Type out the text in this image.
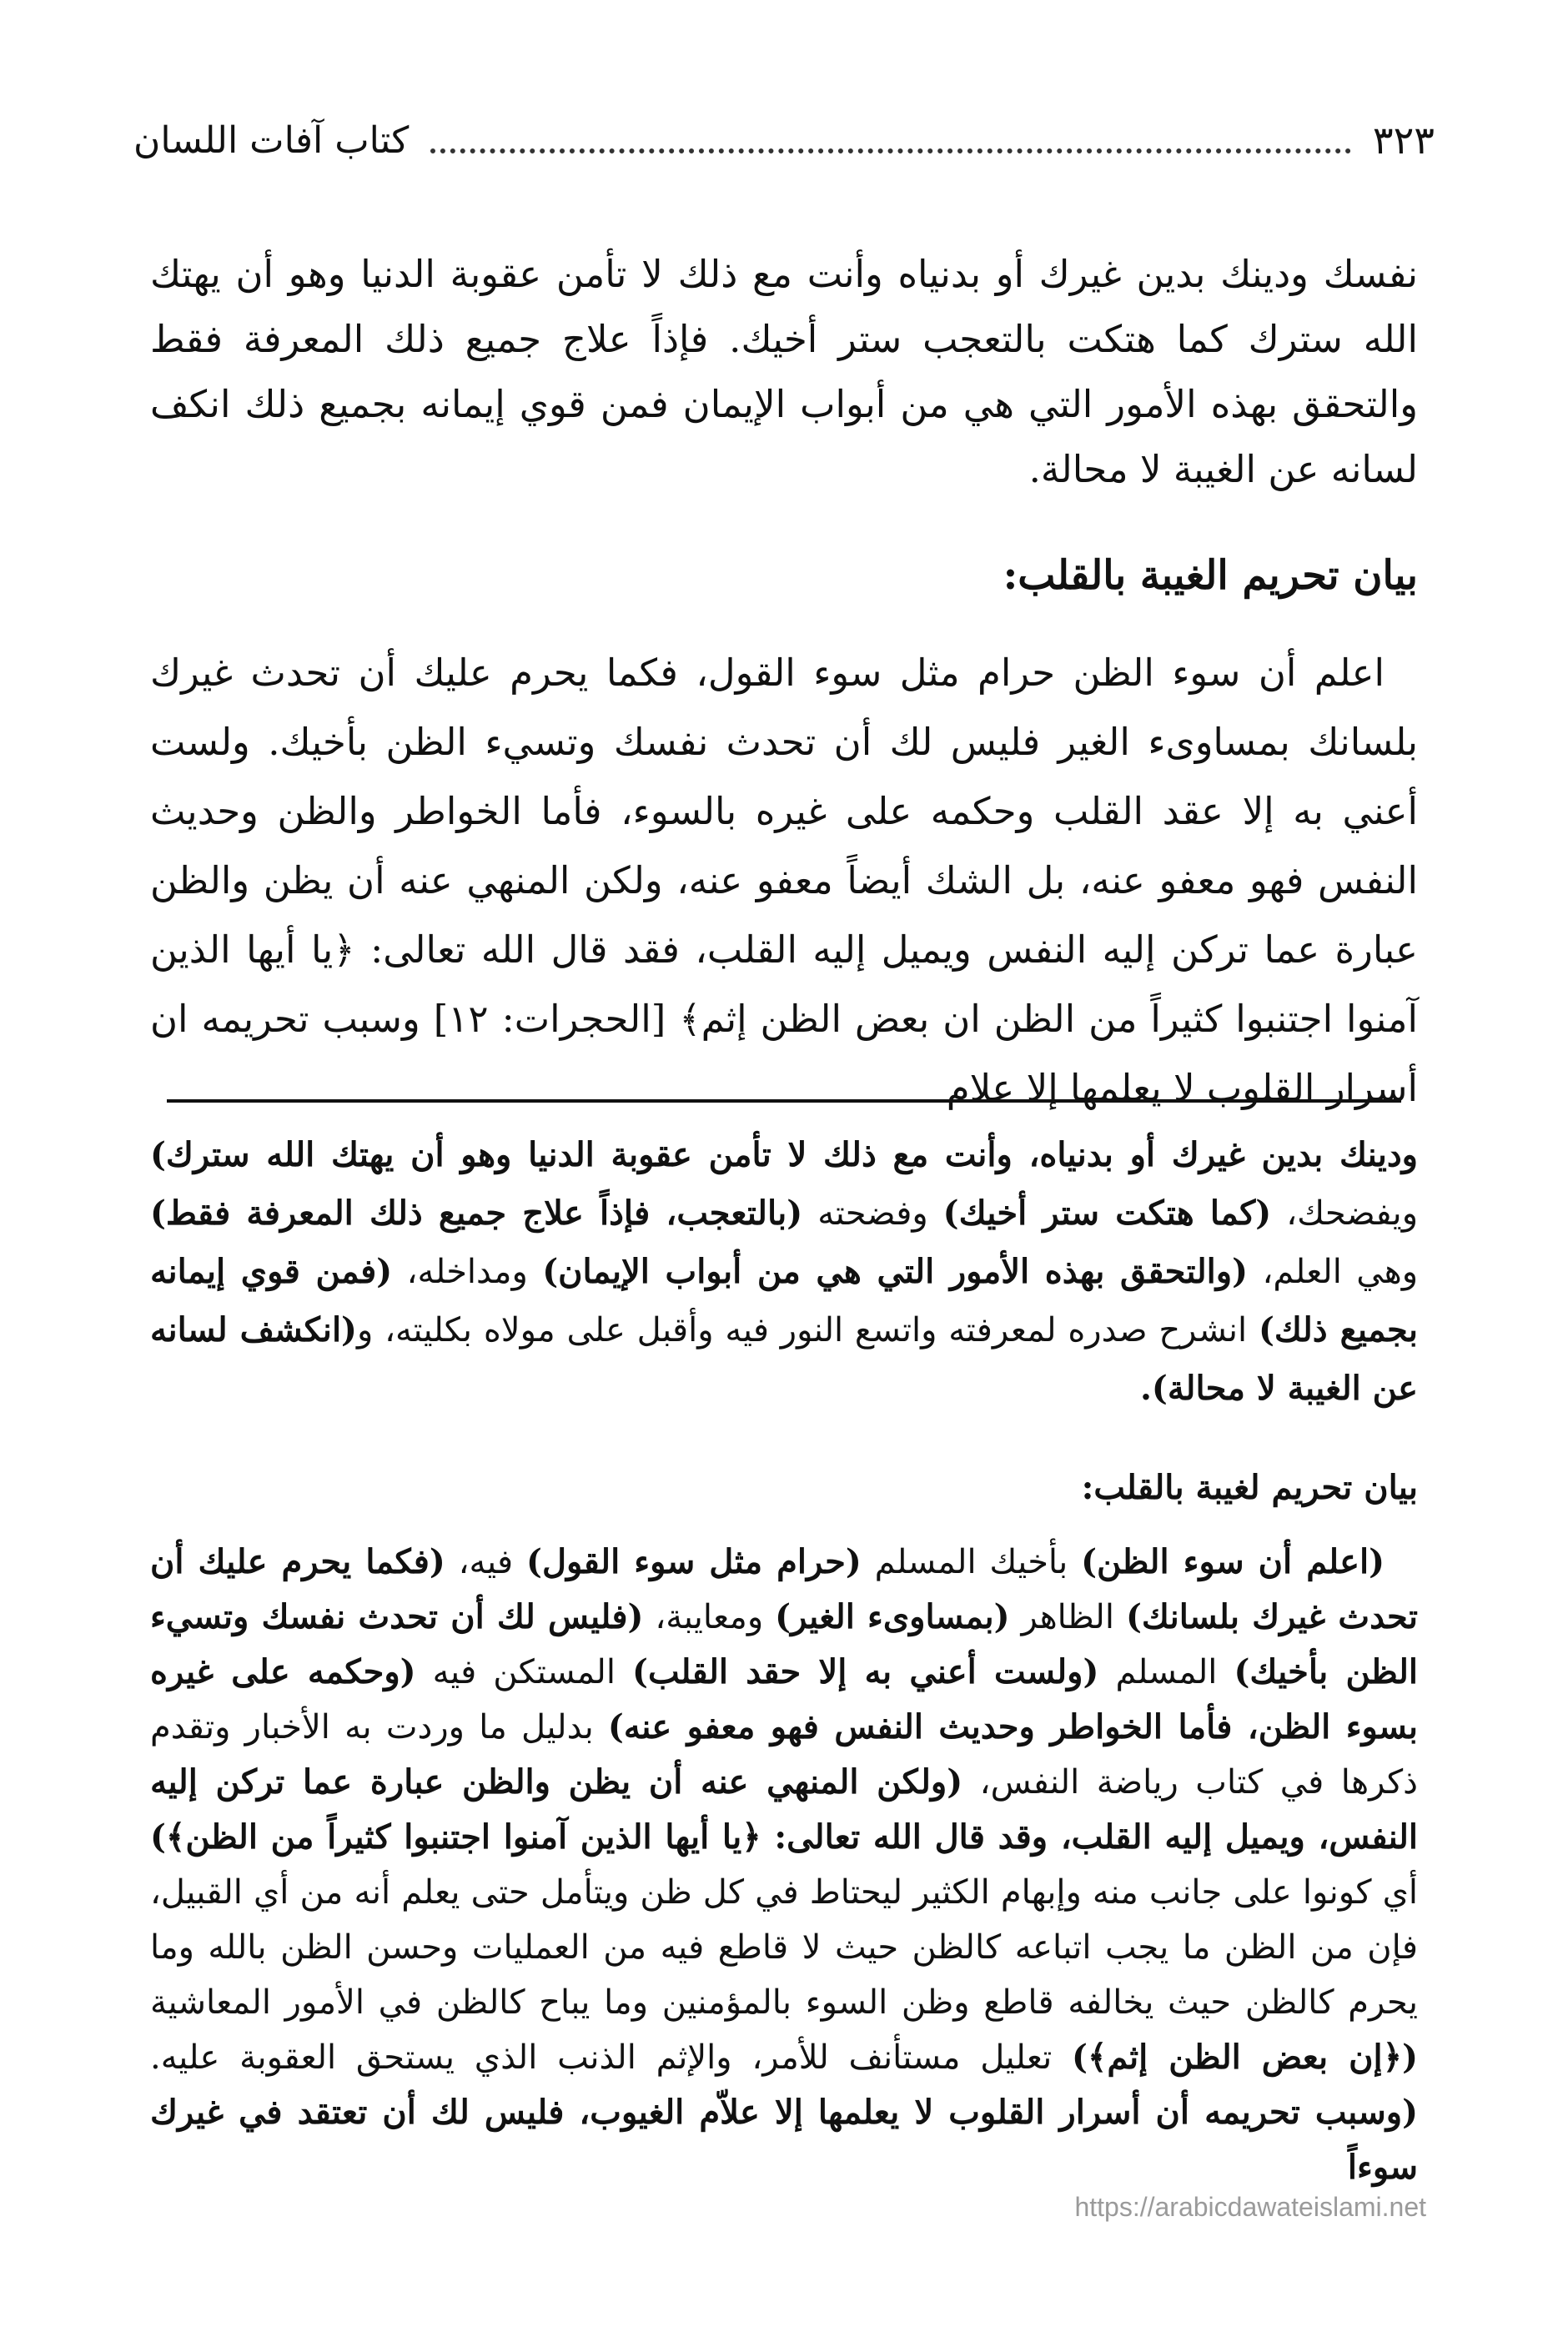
كتاب آفات اللسان	٣٢٣

نفسك ودينك بدين غيرك أو بدنياه وأنت مع ذلك لا تأمن عقوبة الدنيا وهو أن يهتك الله سترك كما هتكت بالتعجب ستر أخيك. فإذاً علاج جميع ذلك المعرفة فقط والتحقق بهذه الأمور التي هي من أبواب الإيمان فمن قوي إيمانه بجميع ذلك انكف لسانه عن الغيبة لا محالة.

بيان تحريم الغيبة بالقلب:

اعلم أن سوء الظن حرام مثل سوء القول، فكما يحرم عليك أن تحدث غيرك بلسانك بمساوىء الغير فليس لك أن تحدث نفسك وتسيء الظن بأخيك. ولست أعني به إلا عقد القلب وحكمه على غيره بالسوء، فأما الخواطر والظن وحديث النفس فهو معفو عنه، بل الشك أيضاً معفو عنه، ولكن المنهي عنه أن يظن والظن عبارة عما تركن إليه النفس ويميل إليه القلب، فقد قال الله تعالى: ﴿يا أيها الذين آمنوا اجتنبوا كثيراً من الظن ان بعض الظن إثم﴾ [الحجرات: ١٢] وسبب تحريمه ان أسرار القلوب لا يعلمها إلا علام

ودينك بدين غيرك أو بدنياه، وأنت مع ذلك لا تأمن عقوبة الدنيا وهو أن يهتك الله سترك) ويفضحك، (كما هتكت ستر أخيك) وفضحته (بالتعجب، فإذاً علاج جميع ذلك المعرفة فقط) وهي العلم، (والتحقق بهذه الأمور التي هي من أبواب الإيمان) ومداخله، (فمن قوي إيمانه بجميع ذلك) انشرح صدره لمعرفته واتسع النور فيه وأقبل على مولاه بكليته، و(انكشف لسانه عن الغيبة لا محالة).

بيان تحريم لغيبة بالقلب:

(اعلم أن سوء الظن) بأخيك المسلم (حرام مثل سوء القول) فيه، (فكما يحرم عليك أن تحدث غيرك بلسانك) الظاهر (بمساوىء الغير) ومعايبة، (فليس لك أن تحدث نفسك وتسيء الظن بأخيك) المسلم (ولست أعني به إلا حقد القلب) المستكن فيه (وحكمه على غيره بسوء الظن، فأما الخواطر وحديث النفس فهو معفو عنه) بدليل ما وردت به الأخبار وتقدم ذكرها في كتاب رياضة النفس، (ولكن المنهي عنه أن يظن والظن عبارة عما تركن إليه النفس، ويميل إليه القلب، وقد قال الله تعالى: ﴿يا أيها الذين آمنوا اجتنبوا كثيراً من الظن﴾) أي كونوا على جانب منه وإبهام الكثير ليحتاط في كل ظن ويتأمل حتى يعلم أنه من أي القبيل، فإن من الظن ما يجب اتباعه كالظن حيث لا قاطع فيه من العمليات وحسن الظن بالله وما يحرم كالظن حيث يخالفه قاطع وظن السوء بالمؤمنين وما يباح كالظن في الأمور المعاشية (﴿إن بعض الظن إثم﴾) تعليل مستأنف للأمر، والإثم الذنب الذي يستحق العقوبة عليه. (وسبب تحريمه أن أسرار القلوب لا يعلمها إلا علاّم الغيوب، فليس لك أن تعتقد في غيرك سوءاً

https://arabicdawateislami.net
